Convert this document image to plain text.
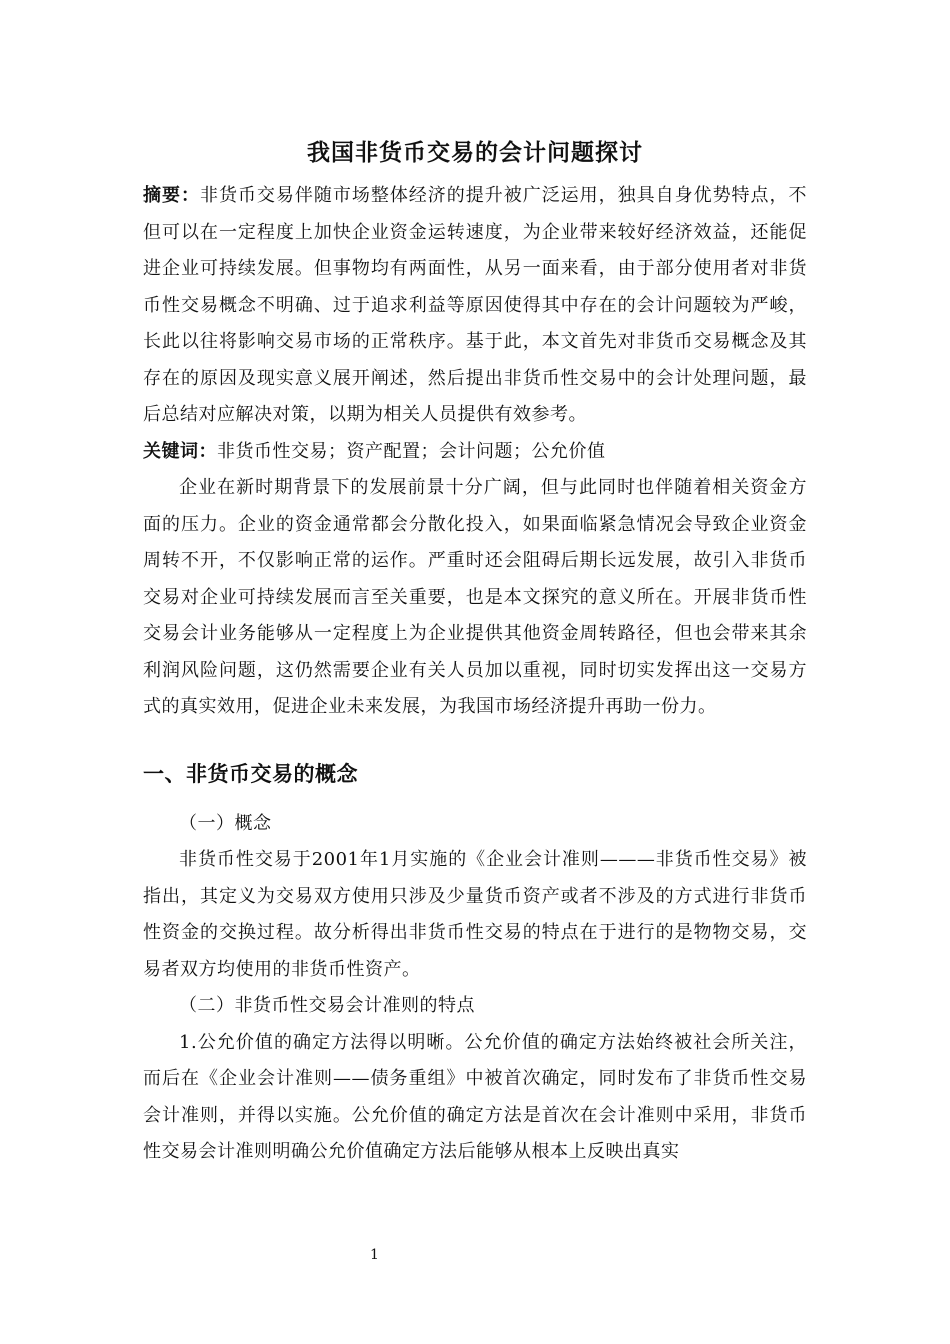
我国非货币交易的会计问题探讨

摘要：非货币交易伴随市场整体经济的提升被广泛运用，独具自身优势特点，不但可以在一定程度上加快企业资金运转速度，为企业带来较好经济效益，还能促进企业可持续发展。但事物均有两面性，从另一面来看，由于部分使用者对非货币性交易概念不明确、过于追求利益等原因使得其中存在的会计问题较为严峻，长此以往将影响交易市场的正常秩序。基于此，本文首先对非货币交易概念及其存在的原因及现实意义展开阐述，然后提出非货币性交易中的会计处理问题，最后总结对应解决对策，以期为相关人员提供有效参考。

关键词：非货币性交易；资产配置；会计问题；公允价值

企业在新时期背景下的发展前景十分广阔，但与此同时也伴随着相关资金方面的压力。企业的资金通常都会分散化投入，如果面临紧急情况会导致企业资金周转不开，不仅影响正常的运作。严重时还会阻碍后期长远发展，故引入非货币交易对企业可持续发展而言至关重要，也是本文探究的意义所在。开展非货币性交易会计业务能够从一定程度上为企业提供其他资金周转路径，但也会带来其余利润风险问题，这仍然需要企业有关人员加以重视，同时切实发挥出这一交易方式的真实效用，促进企业未来发展，为我国市场经济提升再助一份力。

一、非货币交易的概念

（一）概念

非货币性交易于2001年1月实施的《企业会计准则———非货币性交易》被指出，其定义为交易双方使用只涉及少量货币资产或者不涉及的方式进行非货币性资金的交换过程。故分析得出非货币性交易的特点在于进行的是物物交易，交易者双方均使用的非货币性资产。

（二）非货币性交易会计准则的特点

1.公允价值的确定方法得以明晰。公允价值的确定方法始终被社会所关注，而后在《企业会计准则——债务重组》中被首次确定，同时发布了非货币性交易会计准则，并得以实施。公允价值的确定方法是首次在会计准则中采用，非货币性交易会计准则明确公允价值确定方法后能够从根本上反映出真实

1
